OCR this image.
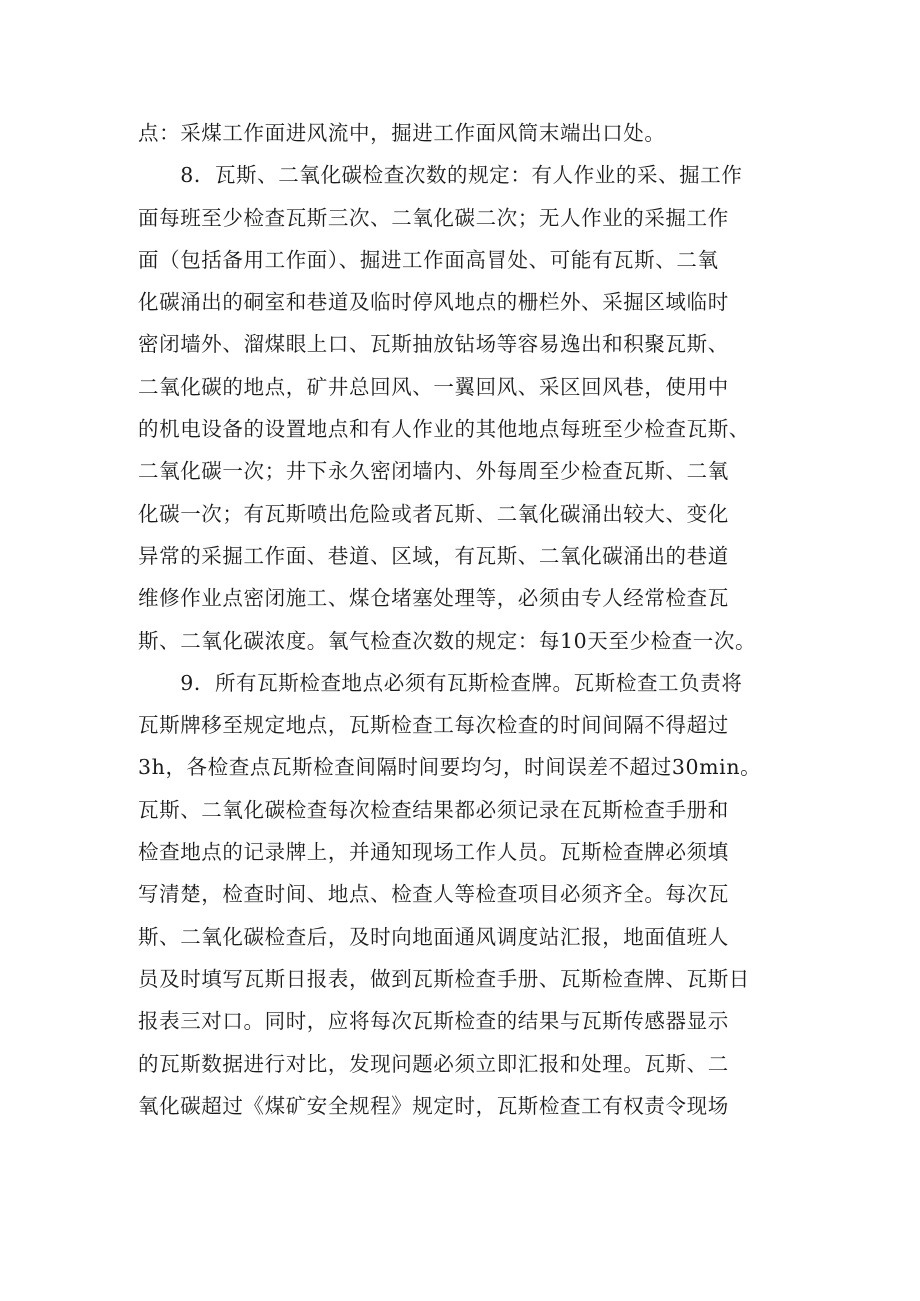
点：采煤工作面进风流中，掘进工作面风筒末端出口处。
　　8．瓦斯、二氧化碳检查次数的规定：有人作业的采、掘工作
面每班至少检查瓦斯三次、二氧化碳二次；无人作业的采掘工作
面（包括备用工作面）、掘进工作面高冒处、可能有瓦斯、二氧
化碳涌出的硐室和巷道及临时停风地点的栅栏外、采掘区域临时
密闭墙外、溜煤眼上口、瓦斯抽放钻场等容易逸出和积聚瓦斯、
二氧化碳的地点，矿井总回风、一翼回风、采区回风巷，使用中
的机电设备的设置地点和有人作业的其他地点每班至少检查瓦斯、
二氧化碳一次；井下永久密闭墙内、外每周至少检查瓦斯、二氧
化碳一次；有瓦斯喷出危险或者瓦斯、二氧化碳涌出较大、变化
异常的采掘工作面、巷道、区域，有瓦斯、二氧化碳涌出的巷道
维修作业点密闭施工、煤仓堵塞处理等，必须由专人经常检查瓦
斯、二氧化碳浓度。氧气检查次数的规定：每10天至少检查一次。
　　9．所有瓦斯检查地点必须有瓦斯检查牌。瓦斯检查工负责将
瓦斯牌移至规定地点，瓦斯检查工每次检查的时间间隔不得超过
3h，各检查点瓦斯检查间隔时间要均匀，时间误差不超过30min。
瓦斯、二氧化碳检查每次检查结果都必须记录在瓦斯检查手册和
检查地点的记录牌上，并通知现场工作人员。瓦斯检查牌必须填
写清楚，检查时间、地点、检查人等检查项目必须齐全。每次瓦
斯、二氧化碳检查后，及时向地面通风调度站汇报，地面值班人
员及时填写瓦斯日报表，做到瓦斯检查手册、瓦斯检查牌、瓦斯日
报表三对口。同时，应将每次瓦斯检查的结果与瓦斯传感器显示
的瓦斯数据进行对比，发现问题必须立即汇报和处理。瓦斯、二
氧化碳超过《煤矿安全规程》规定时，瓦斯检查工有权责令现场
